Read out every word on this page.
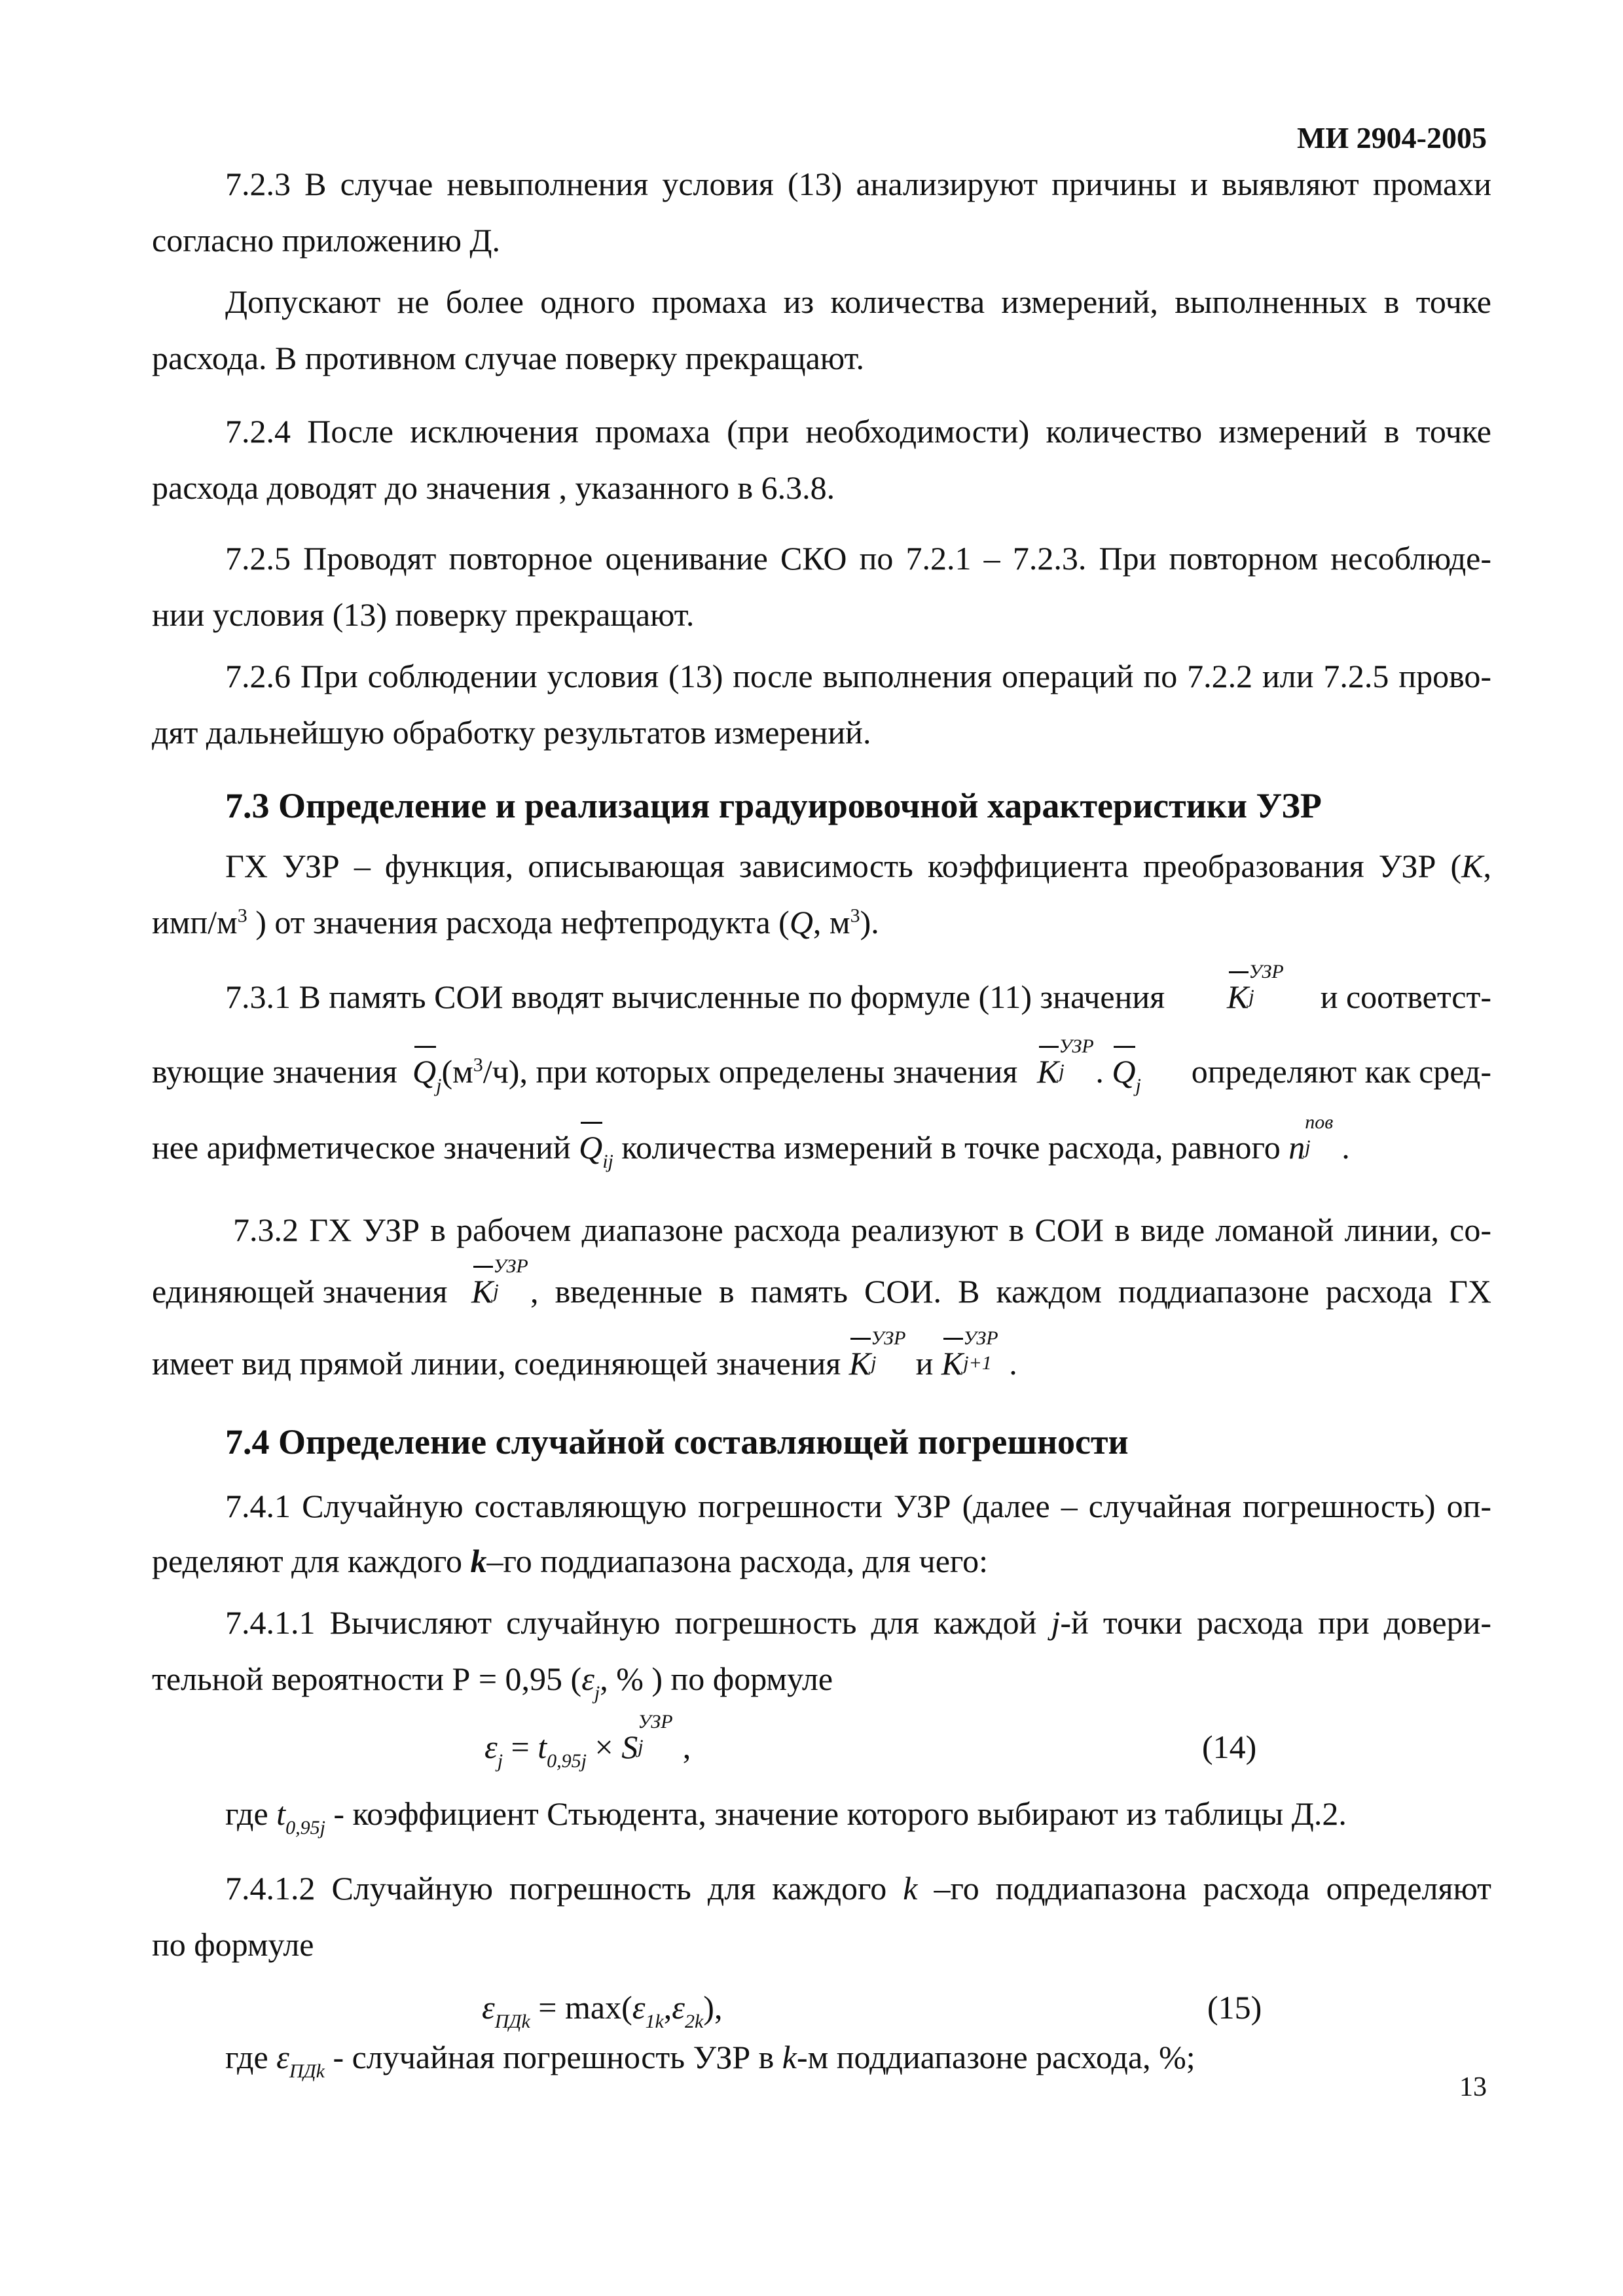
МИ 2904-2005
7.2.3 В случае невыполнения условия (13) анализируют причины и выявляют промахи
согласно приложению Д.
Допускают не более одного промаха из количества измерений, выполненных в точке
расхода. В противном случае поверку прекращают.
7.2.4 После исключения промаха (при необходимости) количество измерений в точке
расхода доводят до значения , указанного в 6.3.8.
7.2.5 Проводят повторное оценивание СКО по 7.2.1 – 7.2.3. При повторном несоблюде-
нии условия (13) поверку прекращают.
7.2.6 При соблюдении условия (13) после выполнения операций по 7.2.2 или 7.2.5 прово-
дят дальнейшую обработку результатов измерений.
7.3 Определение и реализация градуировочной характеристики УЗР
ГХ УЗР – функция, описывающая зависимость коэффициента преобразования УЗР (K,
имп/$м^3$ ) от значения расхода нефтепродукта (Q, $м^3$).
7.3.1 В память СОИ вводят вычисленные по формуле (11) значения K
УЗР
j и соответст-
вующие значения $Q_j(м^3/ч)$, при которых определены значения K
УЗР
j . $Q_j$ определяют как сред-
нее арифметическое значений $Q_{ij}$ количества измерений в точке расхода, равного n
пов
j .
7.3.2 ГХ УЗР в рабочем диапазоне расхода реализуют в СОИ в виде ломаной линии, со-
единяющей значения K
УЗР
j , введенные в память СОИ. В каждом поддиапазоне расхода ГХ
имеет вид прямой линии, соединяющей значения K
УЗР
j и K
УЗР
j+1 .
7.4 Определение случайной составляющей погрешности
7.4.1 Случайную составляющую погрешности УЗР (далее – случайная погрешность) оп-
ределяют для каждого k–го поддиапазона расхода, для чего:
7.4.1.1 Вычисляют случайную погрешность для каждой j-й точки расхода при довери-
тельной вероятности Р = 0,95 ($\varepsilon_j$, % ) по формуле
$\varepsilon_j = t_{0,95j} \times S$
УЗР
j ,	(14)
где $t_{0,95j}$ - коэффициент Стьюдента, значение которого выбирают из таблицы Д.2.
7.4.1.2 Случайную погрешность для каждого k –го поддиапазона расхода определяют
по формуле
$\varepsilon_{ПДk} = \max(\varepsilon_{1k},\varepsilon_{2k})$,	(15)
где $\varepsilon_{ПДk}$ - случайная погрешность УЗР в k-м поддиапазоне расхода, %;
13
